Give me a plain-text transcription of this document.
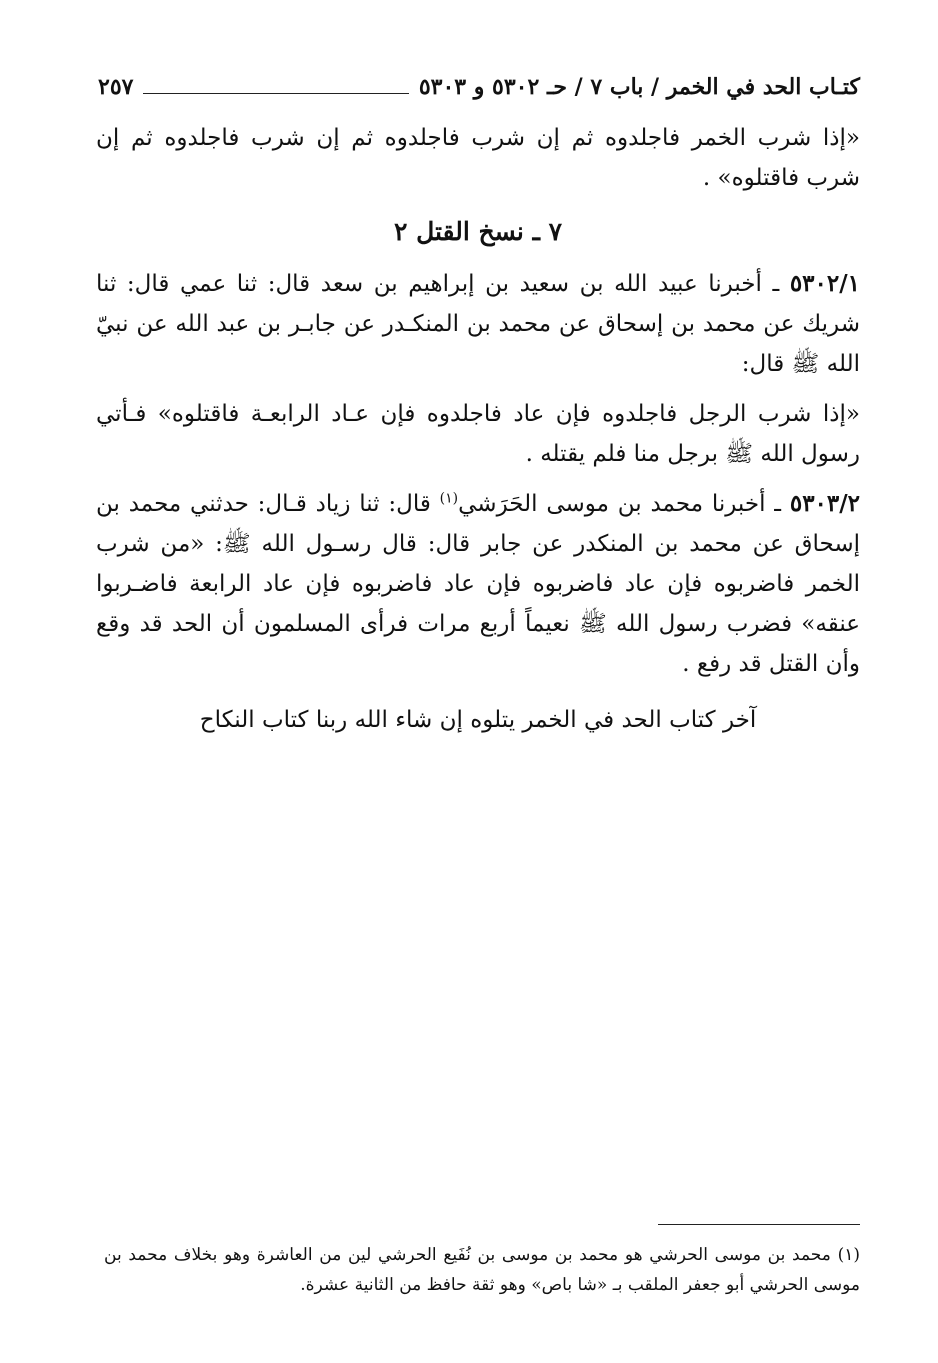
كتـاب الحد في الخمر / باب ٧ / حـ ٥٣٠٢ و ٥٣٠٣
٢٥٧

«إذا شرب الخمر فاجلدوه ثم إن شرب فاجلدوه ثم إن شرب فاجلدوه ثم إن شرب فاقتلوه» .

٧ ـ نسخ القتل ٢

٥٣٠٢/١ ـ أخبرنا عبيد الله بن سعيد بن إبراهيم بن سعد قال: ثنا عمي قال: ثنا شريك عن محمد بن إسحاق عن محمد بن المنكـدر عن جابـر بن عبد الله عن نبيّ الله ﷺ قال:

«إذا شرب الرجل فاجلدوه فإن عاد فاجلدوه فإن عـاد الرابعـة فاقتلوه» فـأتي رسول الله ﷺ برجل منا فلم يقتله .

٥٣٠٣/٢ ـ أخبرنا محمد بن موسى الحَرَشي$^{(١)}$ قال: ثنا زياد قـال: حدثني محمد بن إسحاق عن محمد بن المنكدر عن جابر قال: قال رسـول الله ﷺ: «من شرب الخمر فاضربوه فإن عاد فاضربوه فإن عاد فاضربوه فإن عاد الرابعة فاضـربوا عنقه» فضرب رسول الله ﷺ نعيماً أربع مرات فرأى المسلمون أن الحد قد وقع وأن القتل قد رفع .

آخر كتاب الحد في الخمر يتلوه إن شاء الله ربنا كتاب النكاح

(١) محمد بن موسى الحرشي هو محمد بن موسى بن نُفَيع الحرشي لين من العاشرة وهو بخلاف محمد بن موسى الحرشي أبو جعفر الملقب بـ «شا باص» وهو ثقة حافظ من الثانية عشرة.
